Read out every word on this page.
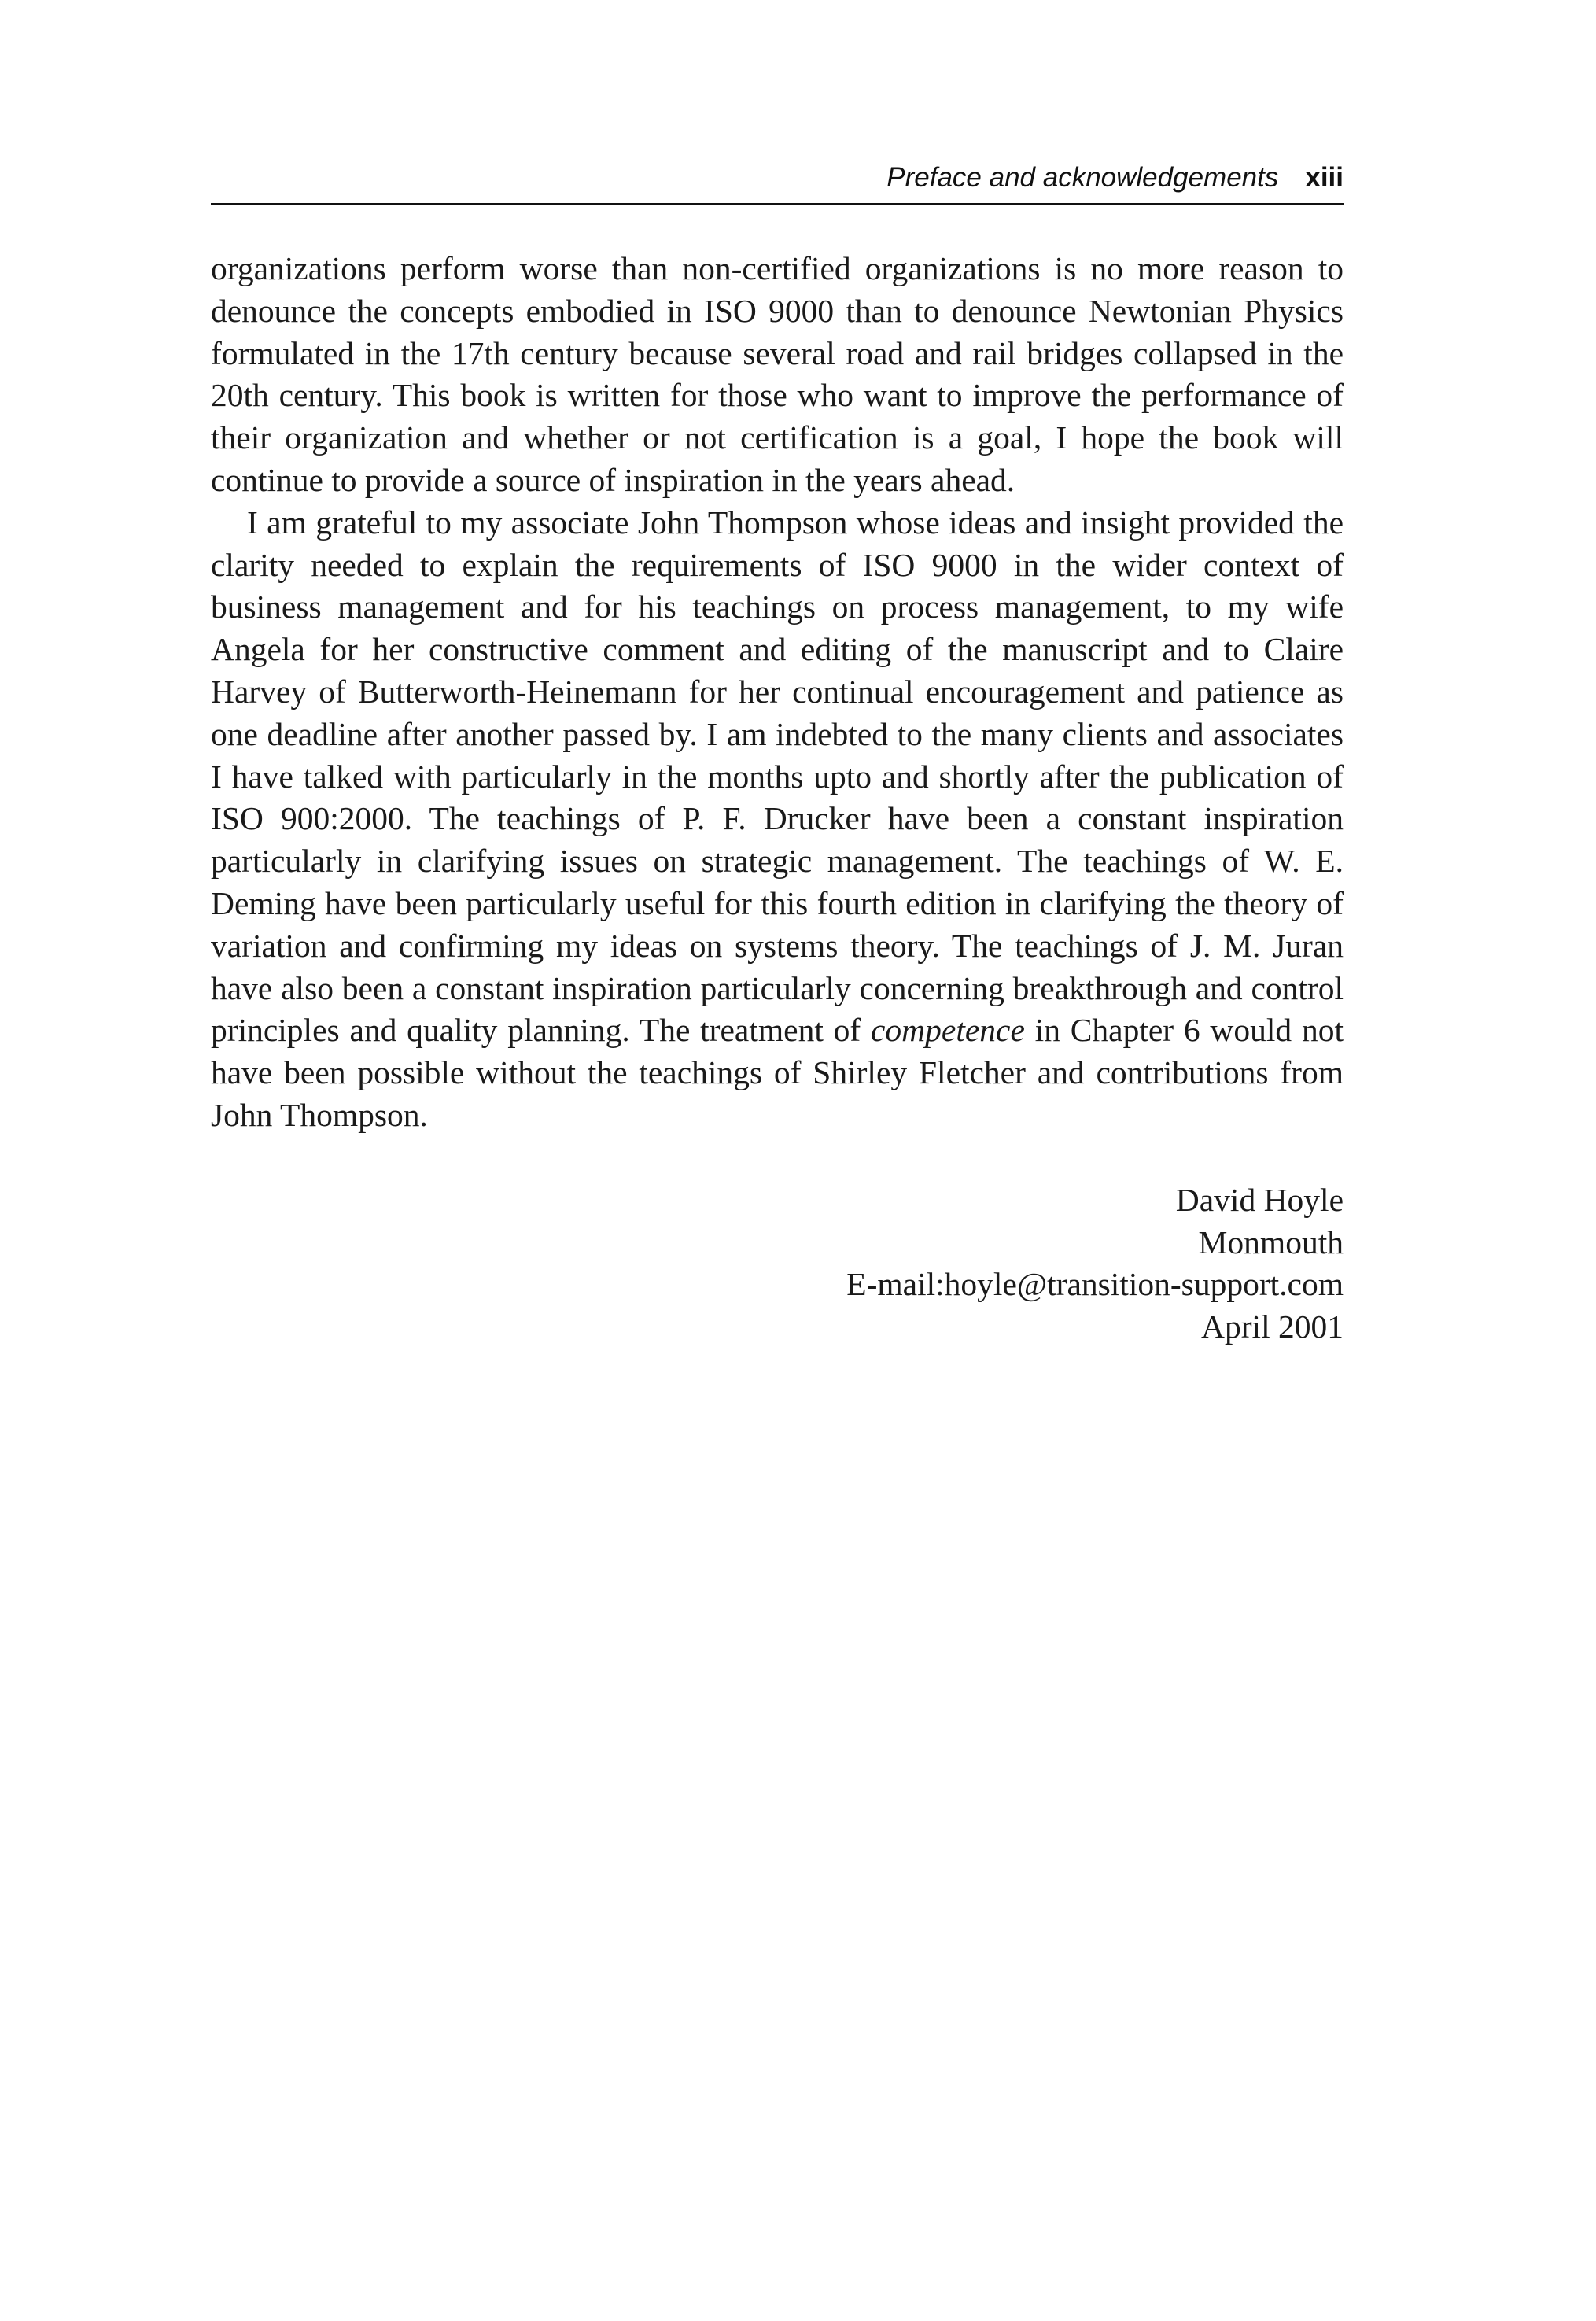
Preface and acknowledgements xiii

organizations perform worse than non-certified organizations is no more reason to denounce the concepts embodied in ISO 9000 than to denounce Newtonian Physics formulated in the 17th century because several road and rail bridges collapsed in the 20th century. This book is written for those who want to improve the performance of their organization and whether or not certification is a goal, I hope the book will continue to provide a source of inspiration in the years ahead.

I am grateful to my associate John Thompson whose ideas and insight provided the clarity needed to explain the requirements of ISO 9000 in the wider context of business management and for his teachings on process management, to my wife Angela for her constructive comment and editing of the manuscript and to Claire Harvey of Butterworth-Heinemann for her continual encouragement and patience as one deadline after another passed by. I am indebted to the many clients and associates I have talked with particularly in the months upto and shortly after the publication of ISO 900:2000. The teachings of P. F. Drucker have been a constant inspiration particularly in clarifying issues on strategic management. The teachings of W. E. Deming have been particularly useful for this fourth edition in clarifying the theory of variation and confirming my ideas on systems theory. The teachings of J. M. Juran have also been a constant inspiration particularly concerning breakthrough and control principles and quality planning. The treatment of competence in Chapter 6 would not have been possible without the teachings of Shirley Fletcher and contributions from John Thompson.

David Hoyle
Monmouth
E-mail:hoyle@transition-support.com
April 2001
